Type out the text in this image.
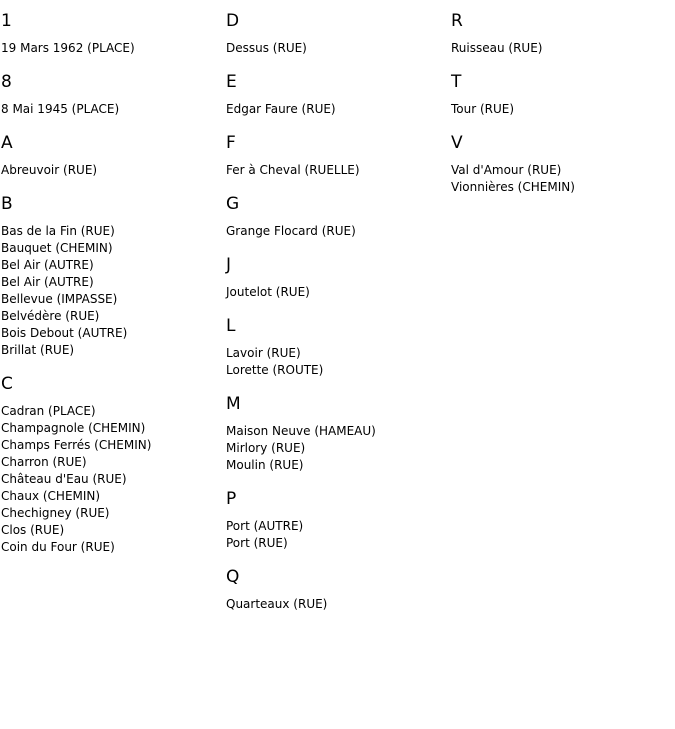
1
19 Mars 1962 (PLACE)
8
8 Mai 1945 (PLACE)
A
Abreuvoir (RUE)
B
Bas de la Fin (RUE)
Bauquet (CHEMIN)
Bel Air (AUTRE)
Bel Air (AUTRE)
Bellevue (IMPASSE)
Belvédère (RUE)
Bois Debout (AUTRE)
Brillat (RUE)
C
Cadran (PLACE)
Champagnole (CHEMIN)
Champs Ferrés (CHEMIN)
Charron (RUE)
Château d'Eau (RUE)
Chaux (CHEMIN)
Chechigney (RUE)
Clos (RUE)
Coin du Four (RUE)
D
Dessus (RUE)
E
Edgar Faure (RUE)
F
Fer à Cheval (RUELLE)
G
Grange Flocard (RUE)
J
Joutelot (RUE)
L
Lavoir (RUE)
Lorette (ROUTE)
M
Maison Neuve (HAMEAU)
Mirlory (RUE)
Moulin (RUE)
P
Port (AUTRE)
Port (RUE)
Q
Quarteaux (RUE)
R
Ruisseau (RUE)
T
Tour (RUE)
V
Val d'Amour (RUE)
Vionnières (CHEMIN)
